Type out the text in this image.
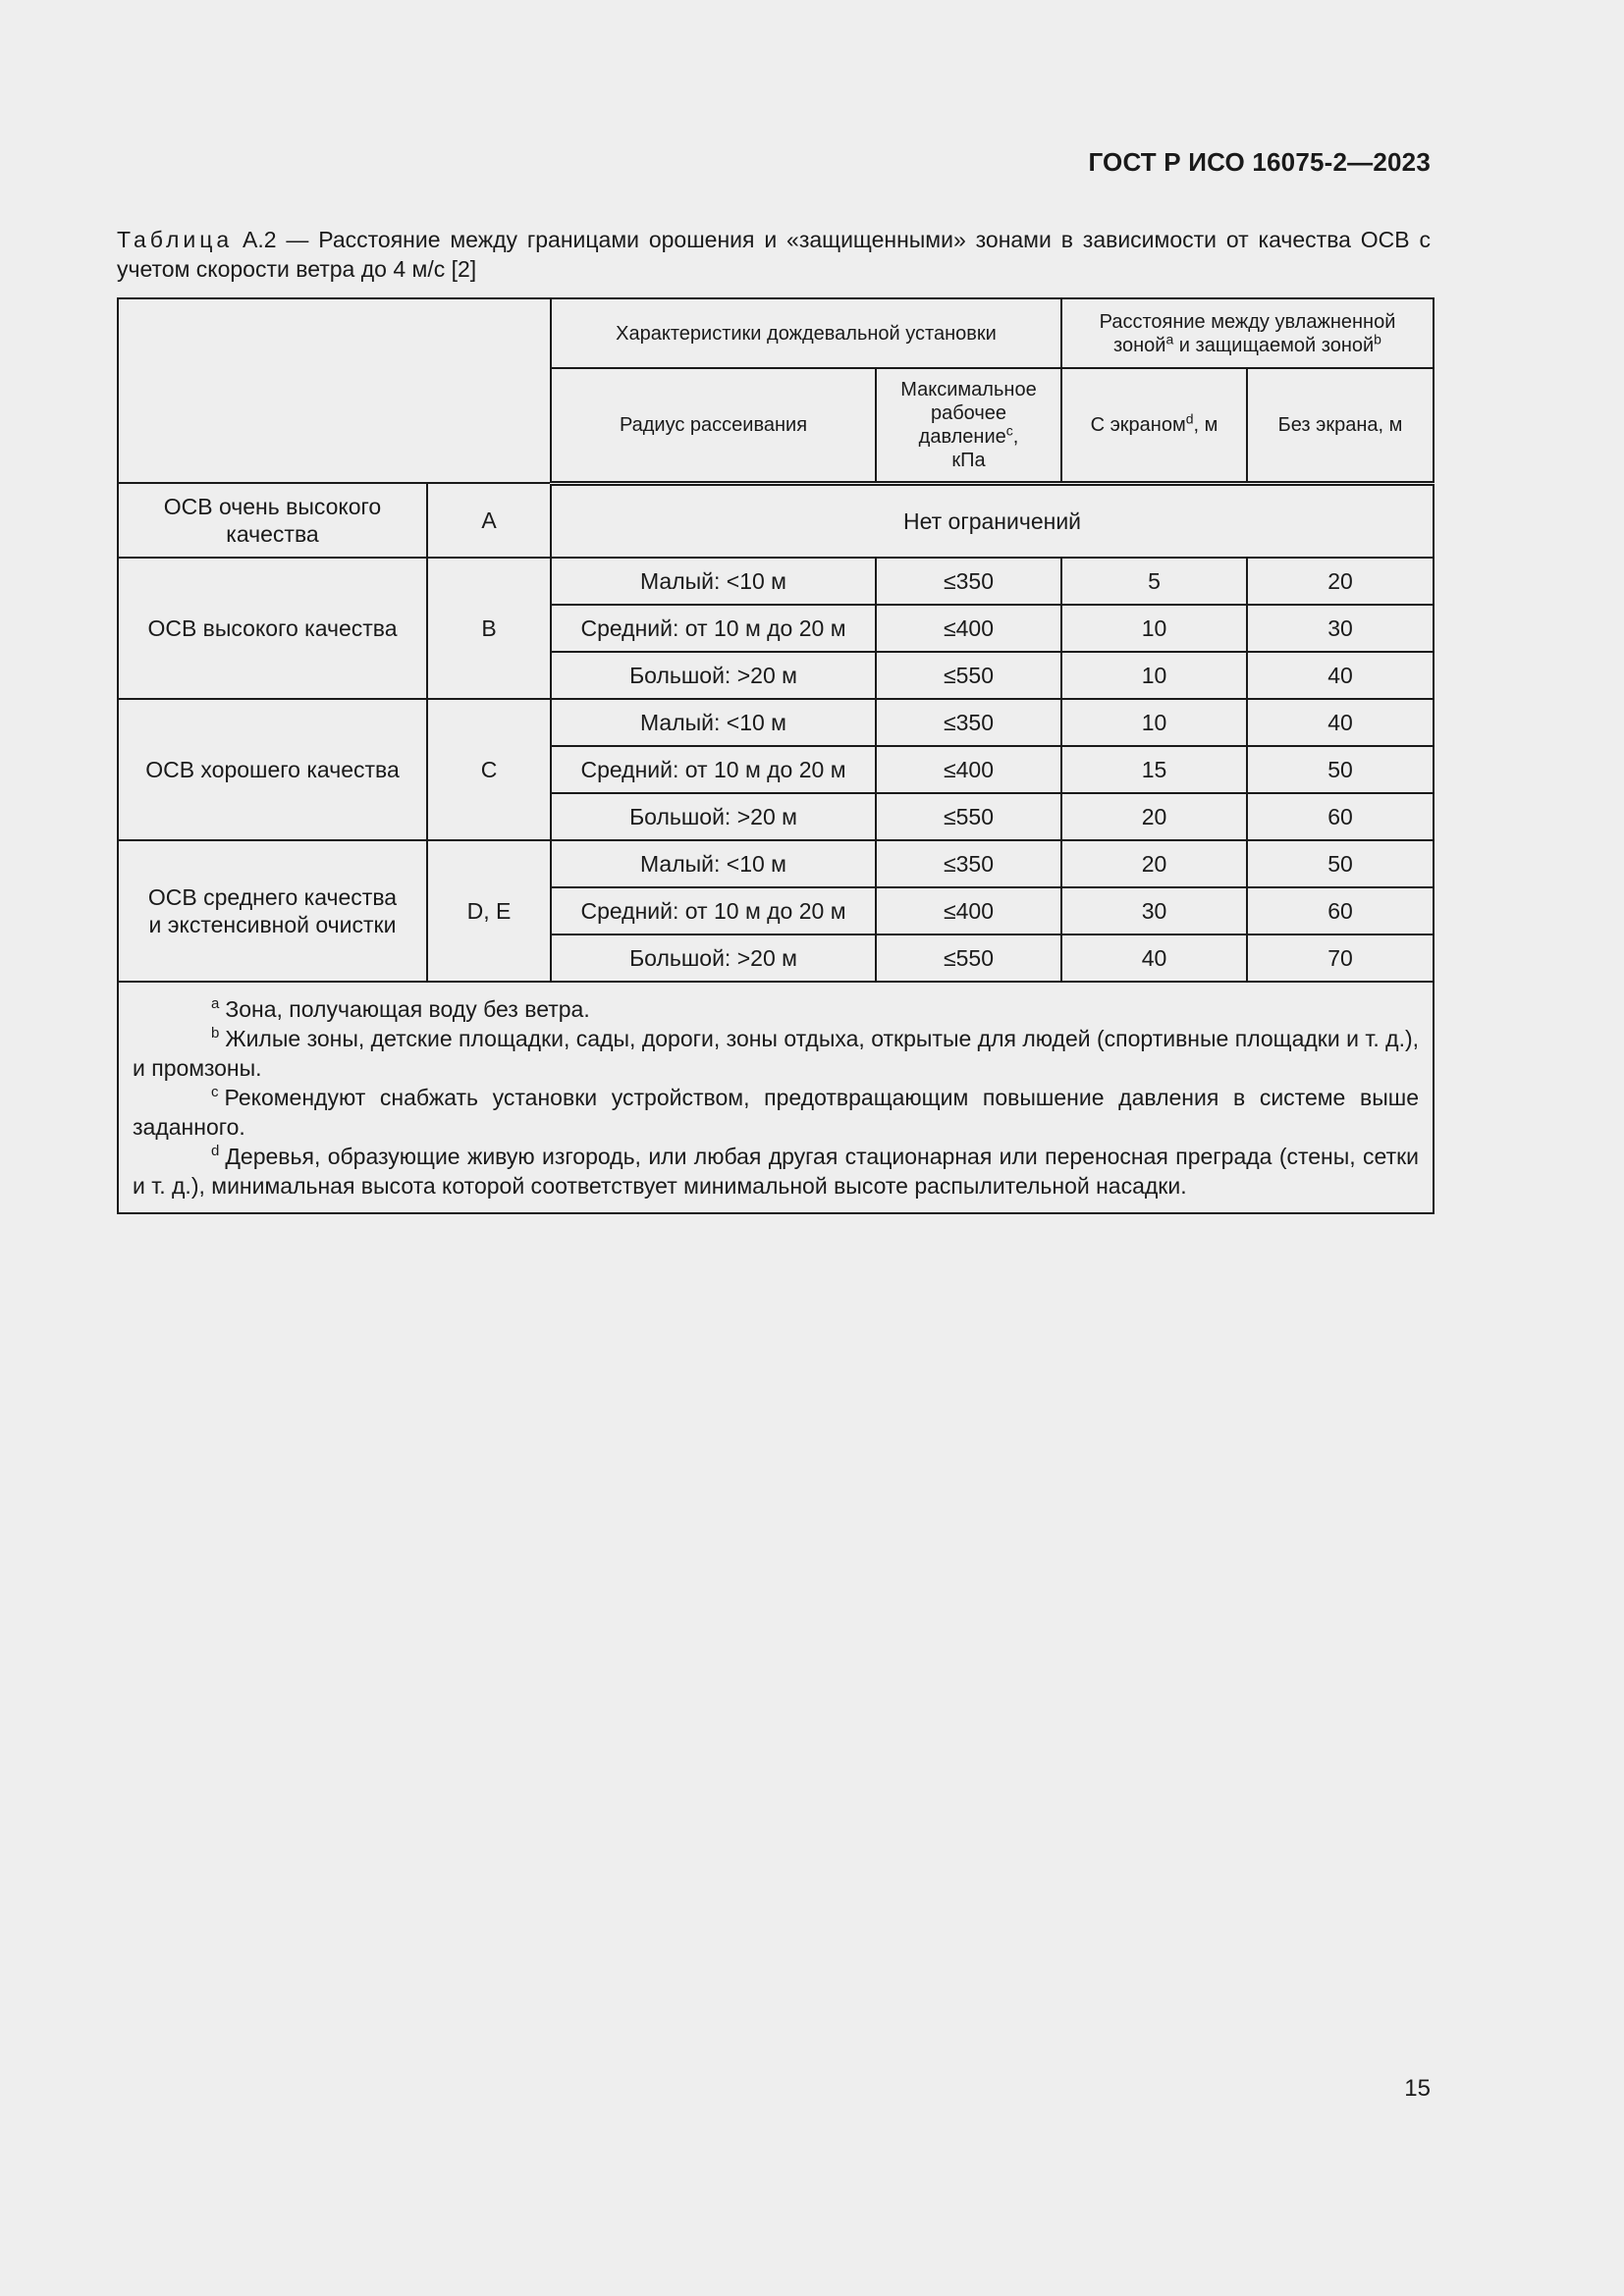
ГОСТ Р ИСО 16075-2—2023
Таблица А.2 — Расстояние между границами орошения и «защищенными» зонами в зависимости от качества ОСВ с учетом скорости ветра до 4 м/с [2]
		Характеристики дождевальной установки		Расстояние между увлажненной
зоной$^a$ и защищаемой зоной$^b$
		Радиус рассеивания	Максимальное
рабочее
давление$^c$,
кПа	С экраном$^d$, м	Без экрана, м
ОСВ очень высокого
качества	A	Нет ограничений			
ОСВ высокого качества	B	Малый: <10 м	≤350	5	20
		Средний: от 10 м до 20 м	≤400	10	30
		Большой: >20 м	≤550	10	40
ОСВ хорошего качества	C	Малый: <10 м	≤350	10	40
		Средний: от 10 м до 20 м	≤400	15	50
		Большой: >20 м	≤550	20	60
ОСВ среднего качества
и экстенсивной очистки	D, E	Малый: <10 м	≤350	20	50
		Средний: от 10 м до 20 м	≤400	30	60
		Большой: >20 м	≤550	40	70

$^a$ Зона, получающая воду без ветра.
$^b$ Жилые зоны, детские площадки, сады, дороги, зоны отдыха, открытые для людей (спортивные площадки и т. д.), и промзоны.
$^c$ Рекомендуют снабжать установки устройством, предотвращающим повышение давления в системе выше заданного.
$^d$ Деревья, образующие живую изгородь, или любая другая стационарная или переносная преграда (стены, сетки и т. д.), минимальная высота которой соответствует минимальной высоте распылительной насадки.					
15
